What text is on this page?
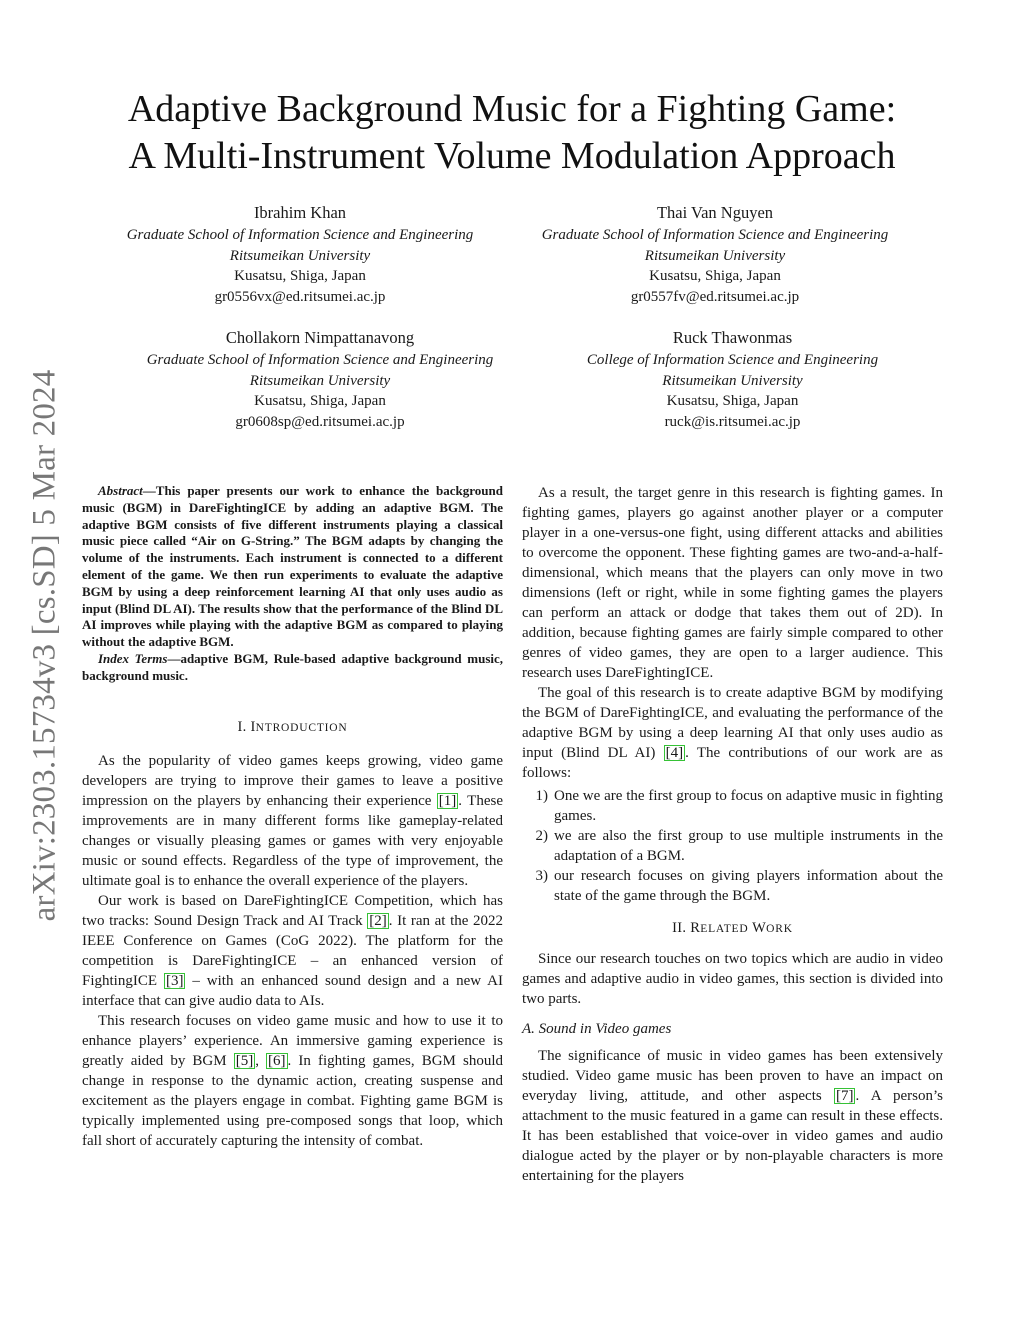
arXiv:2303.15734v3 [cs.SD] 5 Mar 2024
Adaptive Background Music for a Fighting Game:
A Multi-Instrument Volume Modulation Approach
Ibrahim Khan
Graduate School of Information Science and Engineering
Ritsumeikan University
Kusatsu, Shiga, Japan
gr0556vx@ed.ritsumei.ac.jp
Thai Van Nguyen
Graduate School of Information Science and Engineering
Ritsumeikan University
Kusatsu, Shiga, Japan
gr0557fv@ed.ritsumei.ac.jp
Chollakorn Nimpattanavong
Graduate School of Information Science and Engineering
Ritsumeikan University
Kusatsu, Shiga, Japan
gr0608sp@ed.ritsumei.ac.jp
Ruck Thawonmas
College of Information Science and Engineering
Ritsumeikan University
Kusatsu, Shiga, Japan
ruck@is.ritsumei.ac.jp

Abstract—This paper presents our work to enhance the background music (BGM) in DareFightingICE by adding an adaptive BGM. The adaptive BGM consists of five different instruments playing a classical music piece called “Air on G-String.” The BGM adapts by changing the volume of the instruments. Each instrument is connected to a different element of the game. We then run experiments to evaluate the adaptive BGM by using a deep reinforcement learning AI that only uses audio as input (Blind DL AI). The results show that the performance of the Blind DL AI improves while playing with the adaptive BGM as compared to playing without the adaptive BGM.

Index Terms—adaptive BGM, Rule-based adaptive background music, background music.

I. INTRODUCTION

As the popularity of video games keeps growing, video game developers are trying to improve their games to leave a positive impression on the players by enhancing their experience [1] . These improvements are in many different forms like gameplay-related changes or visually pleasing games or games with very enjoyable music or sound effects. Regardless of the type of improvement, the ultimate goal is to enhance the overall experience of the players.

Our work is based on DareFightingICE Competition, which has two tracks: Sound Design Track and AI Track [2] . It ran at the 2022 IEEE Conference on Games (CoG 2022). The platform for the competition is DareFightingICE – an enhanced version of FightingICE [3] – with an enhanced sound design and a new AI interface that can give audio data to AIs.

This research focuses on video game music and how to use it to enhance players’ experience. An immersive gaming experience is greatly aided by BGM [5] , [6] . In fighting games, BGM should change in response to the dynamic action, creating suspense and excitement as the players engage in combat. Fighting game BGM is typically implemented using pre-composed songs that loop, which fall short of accurately capturing the intensity of combat.

As a result, the target genre in this research is fighting games. In fighting games, players go against another player or a computer player in a one-versus-one fight, using different attacks and abilities to overcome the opponent. These fighting games are two-and-a-half-dimensional, which means that the players can only move in two dimensions (left or right, while in some fighting games the players can perform an attack or dodge that takes them out of 2D). In addition, because fighting games are fairly simple compared to other genres of video games, they are open to a larger audience. This research uses DareFightingICE.

The goal of this research is to create adaptive BGM by modifying the BGM of DareFightingICE, and evaluating the performance of the adaptive BGM by using a deep learning AI that only uses audio as input (Blind DL AI) [4] . The contributions of our work are as follows:

1) One we are the first group to focus on adaptive music in fighting games.
2) we are also the first group to use multiple instruments in the adaptation of a BGM.
3) our research focuses on giving players information about the state of the game through the BGM.
II. RELATED WORK

Since our research touches on two topics which are audio in video games and adaptive audio in video games, this section is divided into two parts.

A. Sound in Video games

The significance of music in video games has been extensively studied. Video game music has been proven to have an impact on everyday living, attitude, and other aspects [7] . A person’s attachment to the music featured in a game can result in these effects. It has been established that voice-over in video games and audio dialogue acted by the player or by non-playable characters is more entertaining for the players
